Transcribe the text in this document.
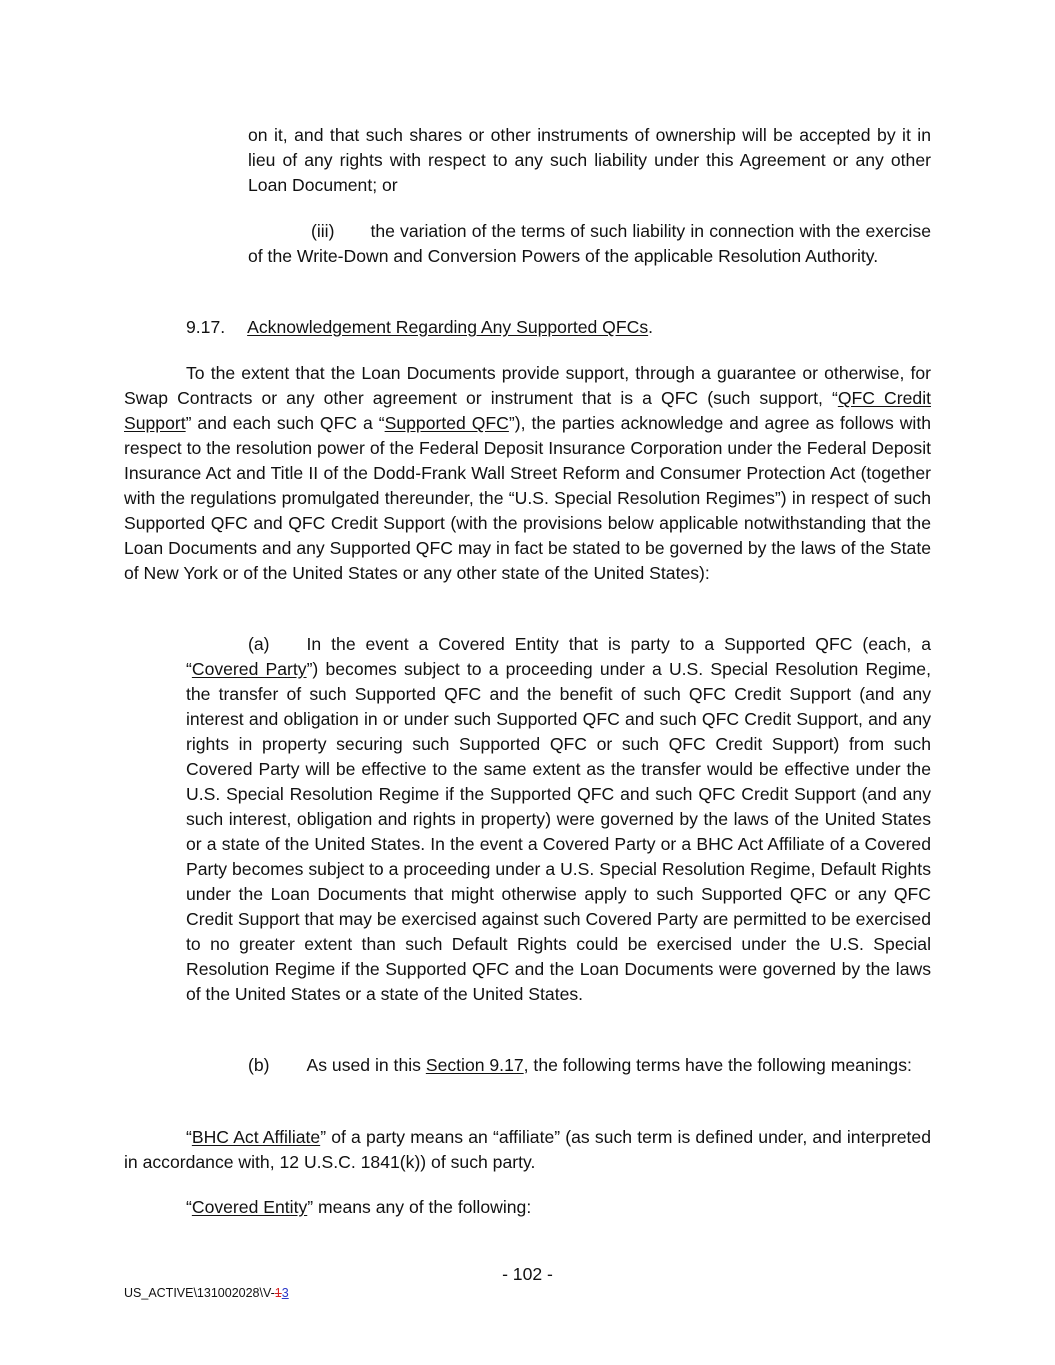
on it, and that such shares or other instruments of ownership will be accepted by it in lieu of any rights with respect to any such liability under this Agreement or any other Loan Document; or

(iii) the variation of the terms of such liability in connection with the exercise of the Write-Down and Conversion Powers of the applicable Resolution Authority.

9.17. Acknowledgement Regarding Any Supported QFCs.

To the extent that the Loan Documents provide support, through a guarantee or otherwise, for Swap Contracts or any other agreement or instrument that is a QFC (such support, “QFC Credit Support” and each such QFC a “Supported QFC”), the parties acknowledge and agree as follows with respect to the resolution power of the Federal Deposit Insurance Corporation under the Federal Deposit Insurance Act and Title II of the Dodd-Frank Wall Street Reform and Consumer Protection Act (together with the regulations promulgated thereunder, the “U.S. Special Resolution Regimes”) in respect of such Supported QFC and QFC Credit Support (with the provisions below applicable notwithstanding that the Loan Documents and any Supported QFC may in fact be stated to be governed by the laws of the State of New York or of the United States or any other state of the United States):

(a) In the event a Covered Entity that is party to a Supported QFC (each, a “Covered Party”) becomes subject to a proceeding under a U.S. Special Resolution Regime, the transfer of such Supported QFC and the benefit of such QFC Credit Support (and any interest and obligation in or under such Supported QFC and such QFC Credit Support, and any rights in property securing such Supported QFC or such QFC Credit Support) from such Covered Party will be effective to the same extent as the transfer would be effective under the U.S. Special Resolution Regime if the Supported QFC and such QFC Credit Support (and any such interest, obligation and rights in property) were governed by the laws of the United States or a state of the United States. In the event a Covered Party or a BHC Act Affiliate of a Covered Party becomes subject to a proceeding under a U.S. Special Resolution Regime, Default Rights under the Loan Documents that might otherwise apply to such Supported QFC or any QFC Credit Support that may be exercised against such Covered Party are permitted to be exercised to no greater extent than such Default Rights could be exercised under the U.S. Special Resolution Regime if the Supported QFC and the Loan Documents were governed by the laws of the United States or a state of the United States.

(b) As used in this Section 9.17, the following terms have the following meanings:

“BHC Act Affiliate” of a party means an “affiliate” (as such term is defined under, and interpreted in accordance with, 12 U.S.C. 1841(k)) of such party.

“Covered Entity” means any of the following:

- 102 -
US_ACTIVE\131002028\V-13
